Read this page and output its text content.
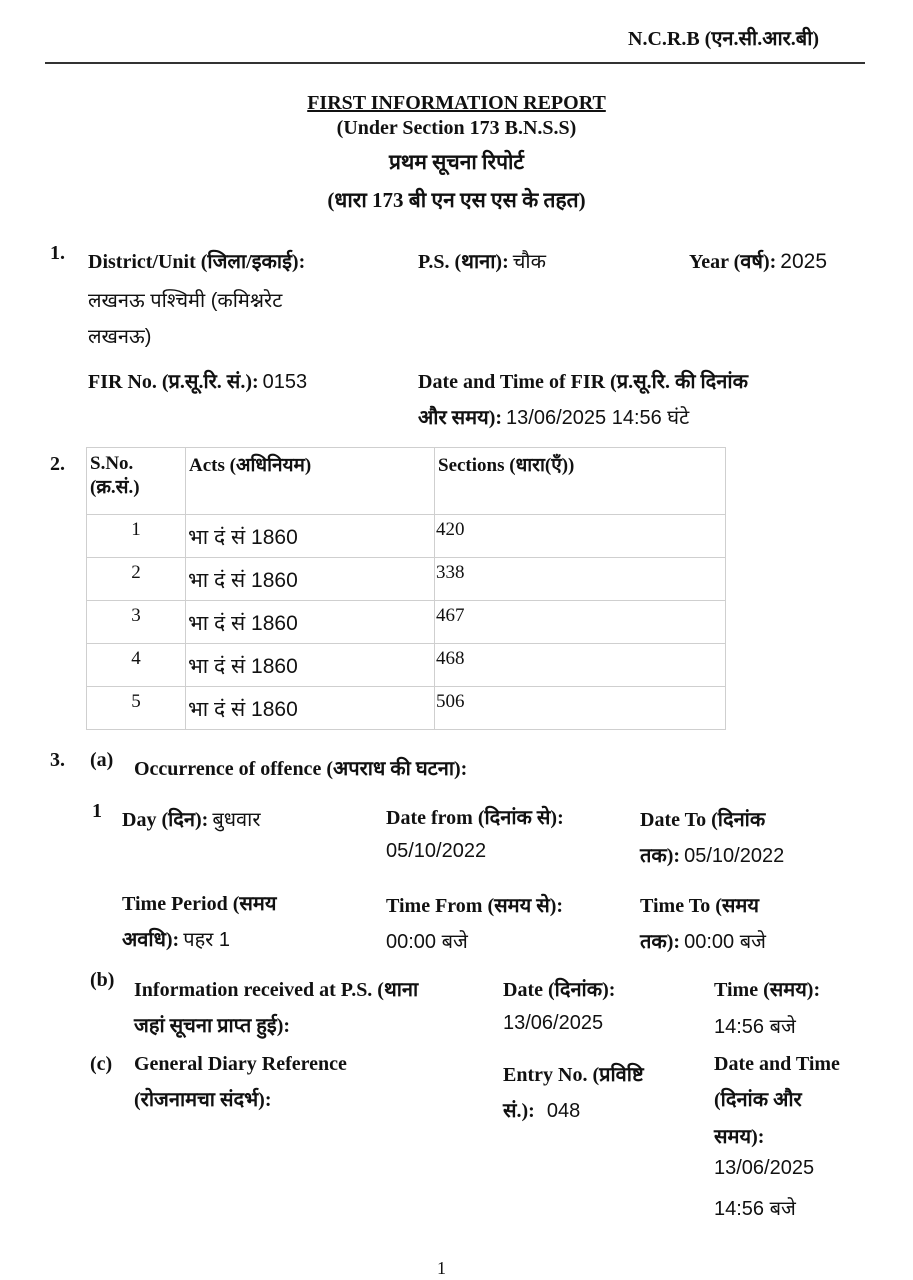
N.C.R.B (एन.सी.आर.बी)
FIRST INFORMATION REPORT
(Under Section 173 B.N.S.S)
प्रथम सूचना रिपोर्ट
(धारा 173 बी एन एस एस के तहत)
1. District/Unit (जिला/इकाई):
लखनऊ पश्चिमी (कमिश्नरेट
लखनऊ)
P.S. (थाना): चौक	Year (वर्ष): 2025
FIR No. (प्र.सू.रि. सं.): 0153	Date and Time of FIR (प्र.सू.रि. की दिनांक
और समय): 13/06/2025 14:56 घंटे
2. S.No.
(क्र.सं.)	Acts (अधिनियम)	Sections (धारा(एँ))

1	भा दं सं 1860	420

2	भा दं सं 1860	338

3	भा दं सं 1860	467

4	भा दं सं 1860	468

5	भा दं सं 1860	506
3. (a) Occurrence of offence (अपराध की घटना):
1 Day (दिन): बुधवार	Date from (दिनांक से):
05/10/2022
Date To (दिनांक
तक): 05/10/2022
Time Period (समय
अवधि): पहर 1
Time From (समय से):
00:00 बजे
Time To (समय
तक): 00:00 बजे
(b) Information received at P.S. (थाना
जहां सूचना प्राप्त हुई):
Date (दिनांक):
13/06/2025
Time (समय):
14:56 बजे
(c) General Diary Reference
(रोजनामचा संदर्भ):
Entry No. (प्रविष्टि
सं.): 048
Date and Time
(दिनांक और
समय):
13/06/2025
14:56 बजे
1
